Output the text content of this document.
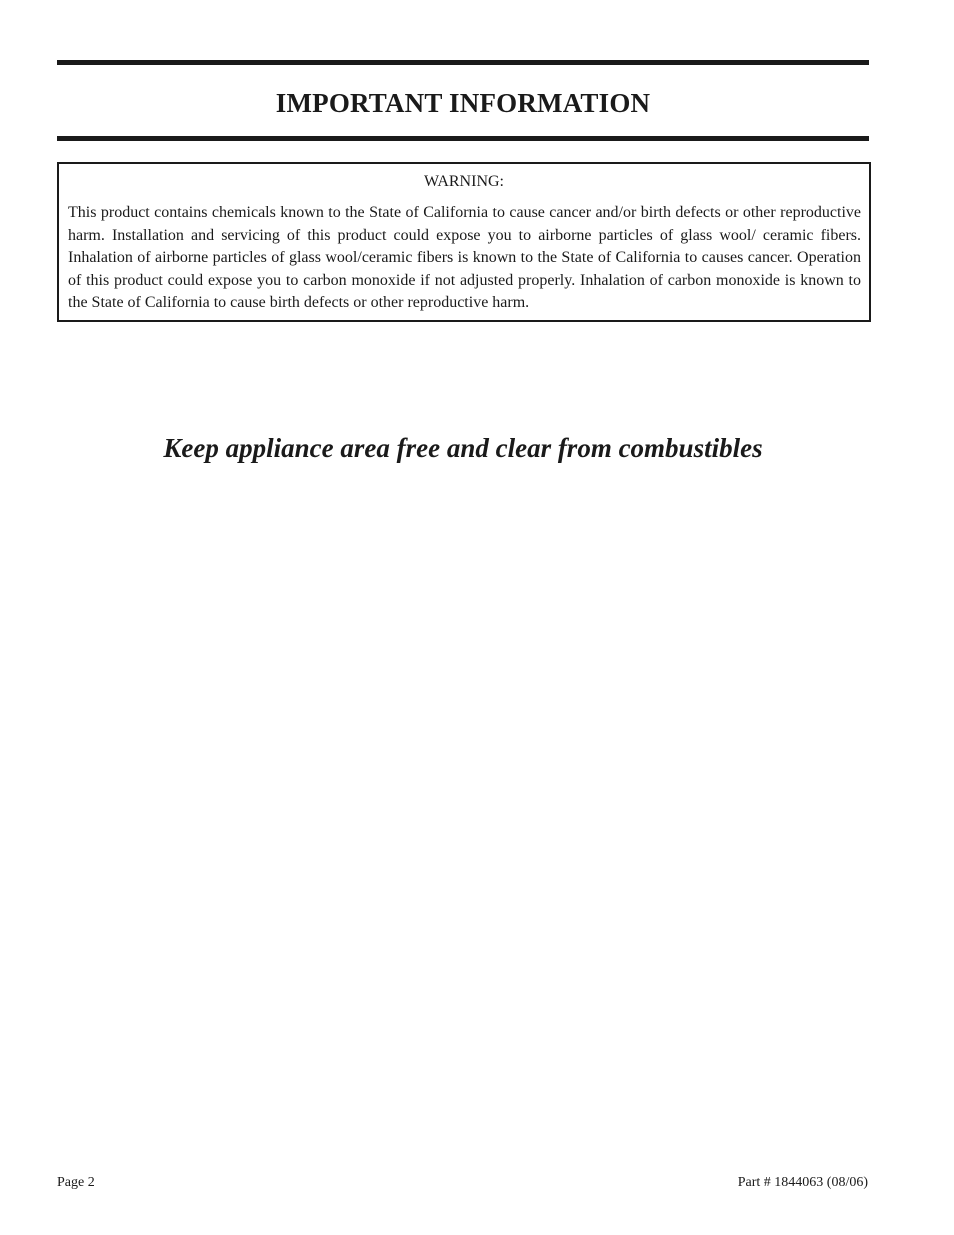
IMPORTANT INFORMATION
WARNING:

This product contains chemicals known to the State of California to cause cancer and/or birth defects or other reproductive harm. Installation and servicing of this product could expose you to airborne particles of glass wool/ ceramic fibers. Inhalation of airborne particles of glass wool/ceramic fibers is known to the State of California to causes cancer. Operation of this product could expose you to carbon monoxide if not adjusted properly. Inhalation of carbon monoxide is known to the State of California to cause birth defects or other reproductive harm.

Keep appliance area free and clear from combustibles

Page 2	Part # 1844063 (08/06)
